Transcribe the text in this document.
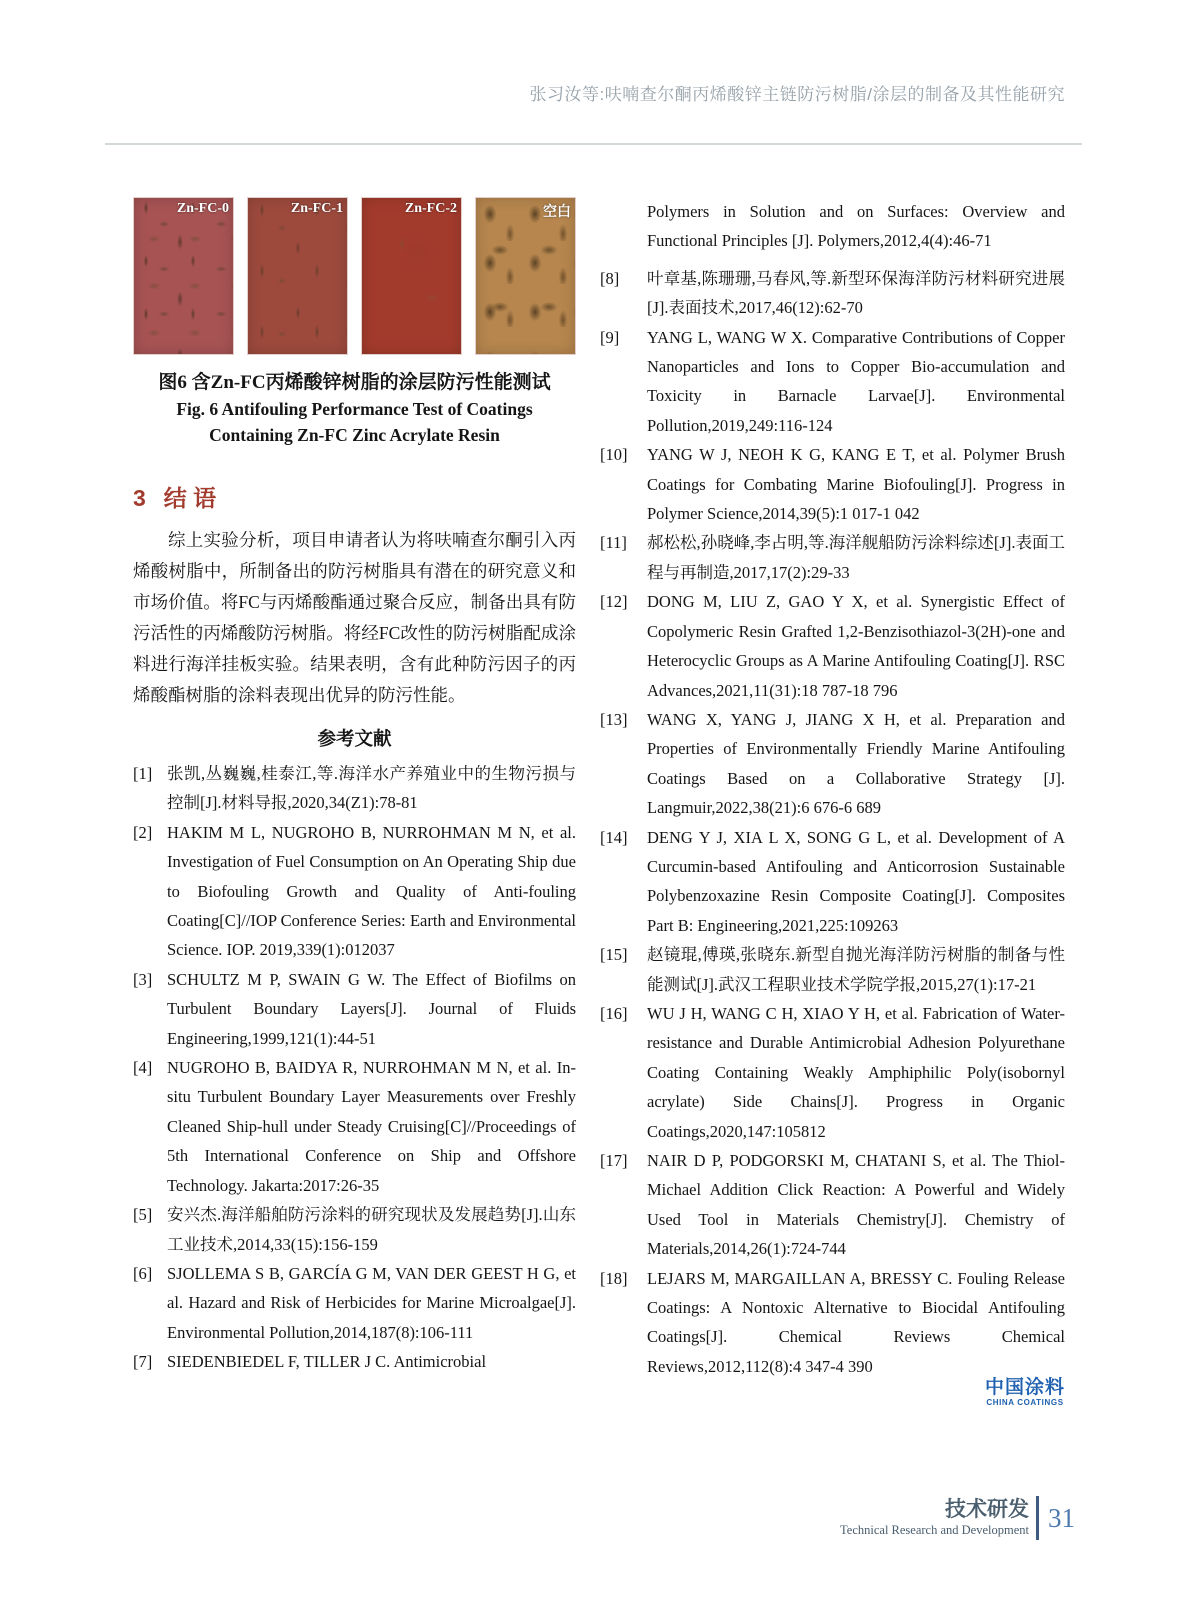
张习汝等:呋喃查尔酮丙烯酸锌主链防污树脂/涂层的制备及其性能研究
Zn-FC-0	Zn-FC-1	Zn-FC-2	空白
图6 含Zn-FC丙烯酸锌树脂的涂层防污性能测试
Fig. 6 Antifouling Performance Test of Coatings
Containing Zn-FC Zinc Acrylate Resin
3 结 语
综上实验分析，项目申请者认为将呋喃查尔酮引入丙烯酸树脂中，所制备出的防污树脂具有潜在的研究意义和市场价值。将FC与丙烯酸酯通过聚合反应，制备出具有防污活性的丙烯酸防污树脂。将经FC改性的防污树脂配成涂料进行海洋挂板实验。结果表明，含有此种防污因子的丙烯酸酯树脂的涂料表现出优异的防污性能。
参考文献
[1] 张凯,丛巍巍,桂泰江,等.海洋水产养殖业中的生物污损与控制[J].材料导报,2020,34(Z1):78-81
[2] HAKIM M L, NUGROHO B, NURROHMAN M N, et al. Investigation of Fuel Consumption on An Operating Ship due to Biofouling Growth and Quality of Anti-fouling Coating[C]//IOP Conference Series: Earth and Environmental Science. IOP. 2019,339(1):012037
[3] SCHULTZ M P, SWAIN G W. The Effect of Biofilms on Turbulent Boundary Layers[J]. Journal of Fluids Engineering,1999,121(1):44-51
[4] NUGROHO B, BAIDYA R, NURROHMAN M N, et al. In-situ Turbulent Boundary Layer Measurements over Freshly Cleaned Ship-hull under Steady Cruising[C]//Proceedings of 5th International Conference on Ship and Offshore Technology. Jakarta:2017:26-35
[5] 安兴杰.海洋船舶防污涂料的研究现状及发展趋势[J].山东工业技术,2014,33(15):156-159
[6] SJOLLEMA S B, GARCÍA G M, VAN DER GEEST H G, et al. Hazard and Risk of Herbicides for Marine Microalgae[J]. Environmental Pollution,2014,187(8):106-111
[7] SIEDENBIEDEL F, TILLER J C. Antimicrobial
Polymers in Solution and on Surfaces: Overview and Functional Principles [J]. Polymers,2012,4(4):46-71
[8]	叶章基,陈珊珊,马春风,等.新型环保海洋防污材料研究进展[J].表面技术,2017,46(12):62-70
[9]	YANG L, WANG W X. Comparative Contributions of Copper Nanoparticles and Ions to Copper Bio-accumulation and Toxicity in Barnacle Larvae[J]. Environmental Pollution,2019,249:116-124
[10]	YANG W J, NEOH K G, KANG E T, et al. Polymer Brush Coatings for Combating Marine Biofouling[J]. Progress in Polymer Science,2014,39(5):1 017-1 042
[11]	郝松松,孙晓峰,李占明,等.海洋舰船防污涂料综述[J].表面工程与再制造,2017,17(2):29-33
[12]	DONG M, LIU Z, GAO Y X, et al. Synergistic Effect of Copolymeric Resin Grafted 1,2-Benzisothiazol-3(2H)-one and Heterocyclic Groups as A Marine Antifouling Coating[J]. RSC Advances,2021,11(31):18 787-18 796
[13]	WANG X, YANG J, JIANG X H, et al. Preparation and Properties of Environmentally Friendly Marine Antifouling Coatings Based on a Collaborative Strategy [J]. Langmuir,2022,38(21):6 676-6 689
[14]	DENG Y J, XIA L X, SONG G L, et al. Development of A Curcumin-based Antifouling and Anticorrosion Sustainable Polybenzoxazine Resin Composite Coating[J]. Composites Part B: Engineering,2021,225:109263
[15]	赵镜琨,傅瑛,张晓东.新型自抛光海洋防污树脂的制备与性能测试[J].武汉工程职业技术学院学报,2015,27(1):17-21
[16]	WU J H, WANG C H, XIAO Y H, et al. Fabrication of Water-resistance and Durable Antimicrobial Adhesion Polyurethane Coating Containing Weakly Amphiphilic Poly(isobornyl acrylate) Side Chains[J]. Progress in Organic Coatings,2020,147:105812
[17]	NAIR D P, PODGORSKI M, CHATANI S, et al. The Thiol-Michael Addition Click Reaction: A Powerful and Widely Used Tool in Materials Chemistry[J]. Chemistry of Materials,2014,26(1):724-744
[18]	LEJARS M, MARGAILLAN A, BRESSY C. Fouling Release Coatings: A Nontoxic Alternative to Biocidal Antifouling Coatings[J]. Chemical Reviews Chemical Reviews,2012,112(8):4 347-4 390
中国涂料
CHINA COATINGS
技术研发
Technical Research and Development 31
